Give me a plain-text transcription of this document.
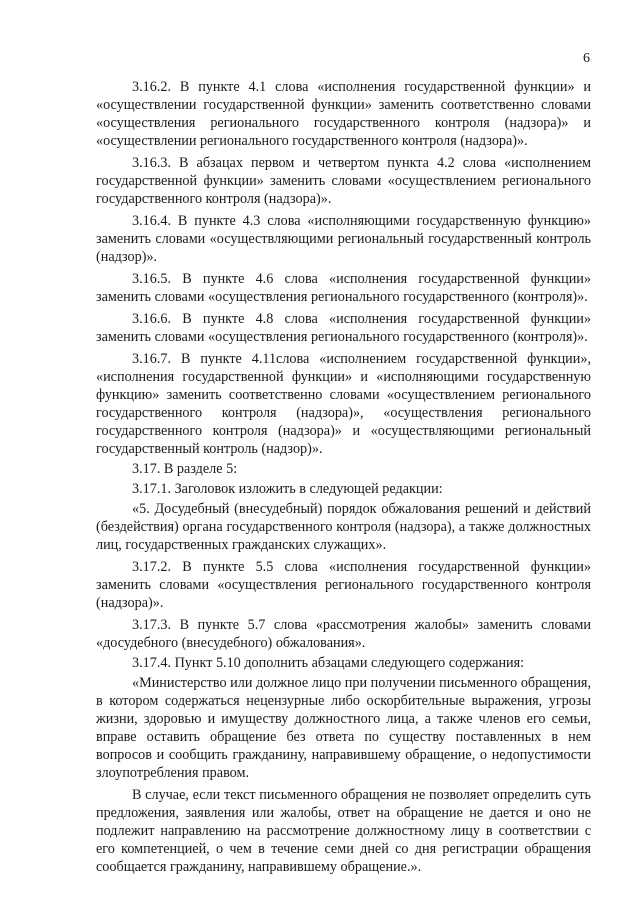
6

3.16.2. В пункте 4.1 слова «исполнения государственной функции» и «осуществлении государственной функции» заменить соответственно словами «осуществления регионального государственного контроля (надзора)» и «осуществлении регионального государственного контроля (надзора)».

3.16.3. В абзацах первом и четвертом пункта 4.2 слова «исполнением государственной функции» заменить словами «осуществлением регионального государственного контроля (надзора)».

3.16.4. В пункте 4.3 слова «исполняющими государственную функцию» заменить словами «осуществляющими региональный государственный контроль (надзор)».

3.16.5. В пункте 4.6 слова «исполнения государственной функции» заменить словами «осуществления регионального государственного (контроля)».

3.16.6. В пункте 4.8 слова «исполнения государственной функции» заменить словами «осуществления регионального государственного (контроля)».

3.16.7. В пункте 4.11слова «исполнением государственной функции», «исполнения государственной функции» и «исполняющими государственную функцию» заменить соответственно словами «осуществлением регионального государственного контроля (надзора)», «осуществления регионального государственного контроля (надзора)» и «осуществляющими региональный государственный контроль (надзор)».

3.17. В разделе 5:

3.17.1. Заголовок изложить в следующей редакции:

«5. Досудебный (внесудебный) порядок обжалования решений и действий (бездействия) органа государственного контроля (надзора), а также должностных лиц, государственных гражданских служащих».

3.17.2. В пункте 5.5 слова «исполнения государственной функции» заменить словами «осуществления регионального государственного контроля (надзора)».

3.17.3. В пункте 5.7 слова «рассмотрения жалобы» заменить словами «досудебного (внесудебного) обжалования».

3.17.4. Пункт 5.10 дополнить абзацами следующего содержания:

«Министерство или должное лицо при получении письменного обращения, в котором содержаться нецензурные либо оскорбительные выражения, угрозы жизни, здоровью и имуществу должностного лица, а также членов его семьи, вправе оставить обращение без ответа по существу поставленных в нем вопросов и сообщить гражданину, направившему обращение, о недопустимости злоупотребления правом.

В случае, если текст письменного обращения не позволяет определить суть предложения, заявления или жалобы, ответ на обращение не дается и оно не подлежит направлению на рассмотрение должностному лицу в соответствии с его компетенцией, о чем в течение семи дней со дня регистрации обращения сообщается гражданину, направившему обращение.».
